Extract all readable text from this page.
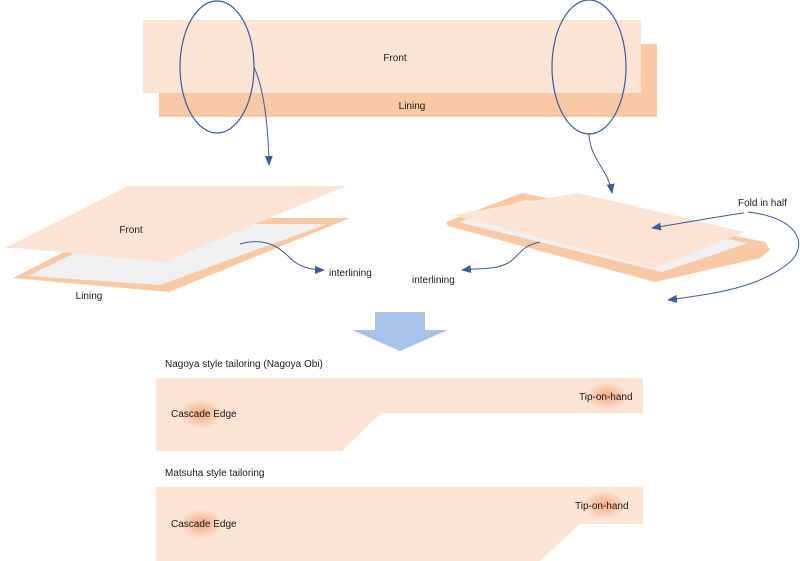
Front
Lining
Front
Lining
interlining
interlining
Fold in half
Nagoya style tailoring (Nagoya Obi)
Cascade Edge
Tip-on-hand
Matsuha style tailoring
Cascade Edge
Tip-on-hand
